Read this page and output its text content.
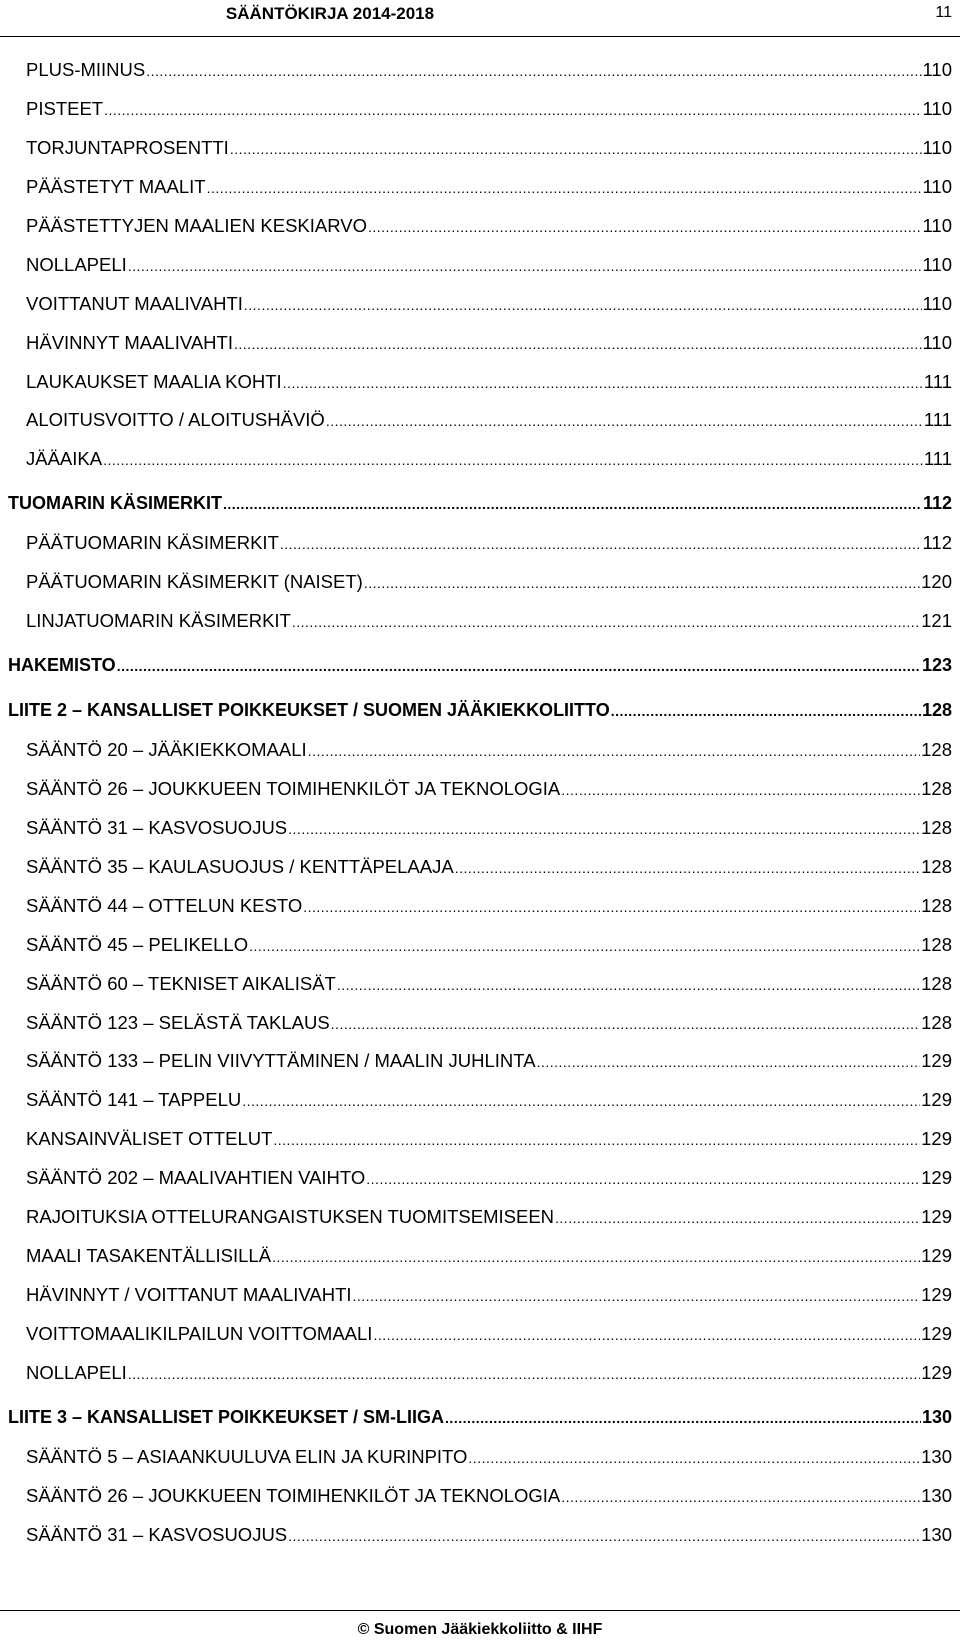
SÄÄNTÖKIRJA 2014-2018	11
PLUS-MIINUS .....	110
PISTEET .....	110
TORJUNTAPROSENTTI .....	110
PÄÄSTETYT MAALIT .....	110
PÄÄSTETTYJEN MAALIEN KESKIARVO .....	110
NOLLAPELI .....	110
VOITTANUT MAALIVAHTI .....	110
HÄVINNYT MAALIVAHTI .....	110
LAUKAUKSET MAALIA KOHTI .....	111
ALOITUSVOITTO / ALOITUSHÄVIÖ .....	111
JÄÄAIKA .....	111
TUOMARIN KÄSIMERKIT .....	112
PÄÄTUOMARIN KÄSIMERKIT .....	112
PÄÄTUOMARIN KÄSIMERKIT (NAISET) .....	120
LINJATUOMARIN KÄSIMERKIT .....	121
HAKEMISTO .....	123
LIITE 2 – KANSALLISET POIKKEUKSET / SUOMEN JÄÄKIEKKOLIITTO .....	128
SÄÄNTÖ 20 – JÄÄKIEKKOMAALI .....	128
SÄÄNTÖ 26 – JOUKKUEEN TOIMIHENKILÖT JA TEKNOLOGIA .....	128
SÄÄNTÖ 31 – KASVOSUOJUS .....	128
SÄÄNTÖ 35 – KAULASUOJUS / KENTTÄPELAAJA .....	128
SÄÄNTÖ 44 – OTTELUN KESTO .....	128
SÄÄNTÖ 45 – PELIKELLO .....	128
SÄÄNTÖ 60 – TEKNISET AIKALISÄT .....	128
SÄÄNTÖ 123 – SELÄSTÄ TAKLAUS .....	128
SÄÄNTÖ 133 – PELIN VIIVYTTÄMINEN / MAALIN JUHLINTA .....	129
SÄÄNTÖ 141 – TAPPELU .....	129
KANSAINVÄLISET OTTELUT .....	129
SÄÄNTÖ 202 – MAALIVAHTIEN VAIHTO .....	129
RAJOITUKSIA OTTELURANGAISTUKSEN TUOMITSEMISEEN .....	129
MAALI TASAKENTÄLLISILLÄ .....	129
HÄVINNYT / VOITTANUT MAALIVAHTI .....	129
VOITTOMAALIKILPAILUN VOITTOMAALI .....	129
NOLLAPELI .....	129
LIITE 3 – KANSALLISET POIKKEUKSET / SM-LIIGA .....	130
SÄÄNTÖ 5 – ASIAANKUULUVA ELIN JA KURINPITO .....	130
SÄÄNTÖ 26 – JOUKKUEEN TOIMIHENKILÖT JA TEKNOLOGIA .....	130
SÄÄNTÖ 31 – KASVOSUOJUS .....	130
© Suomen Jääkiekkoliitto & IIHF
